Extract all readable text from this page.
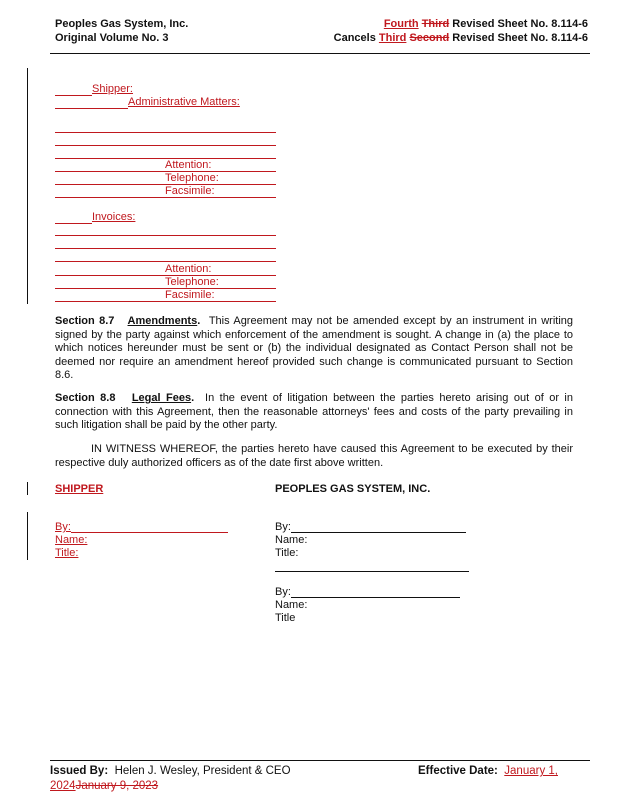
Peoples Gas System, Inc.
Original Volume No. 3
Fourth Third Revised Sheet No. 8.114-6
Cancels Third Second Revised Sheet No. 8.114-6
Shipper:
Administrative Matters:
Attention:
Telephone:
Facsimile:
Invoices:
Attention:
Telephone:
Facsimile:
Section 8.7 Amendments. This Agreement may not be amended except by an instrument in writing signed by the party against which enforcement of the amendment is sought. A change in (a) the place to which notices hereunder must be sent or (b) the individual designated as Contact Person shall not be deemed nor require an amendment hereof provided such change is communicated pursuant to Section 8.6.
Section 8.8 Legal Fees. In the event of litigation between the parties hereto arising out of or in connection with this Agreement, then the reasonable attorneys' fees and costs of the party prevailing in such litigation shall be paid by the other party.
IN WITNESS WHEREOF, the parties hereto have caused this Agreement to be executed by their respective duly authorized officers as of the date first above written.
SHIPPER
By:
Name:
Title:
PEOPLES GAS SYSTEM, INC.
By:
Name:
Title:
By:
Name:
Title
Issued By: Helen J. Wesley, President & CEO	Effective Date: January 1,
2024January 9, 2023
